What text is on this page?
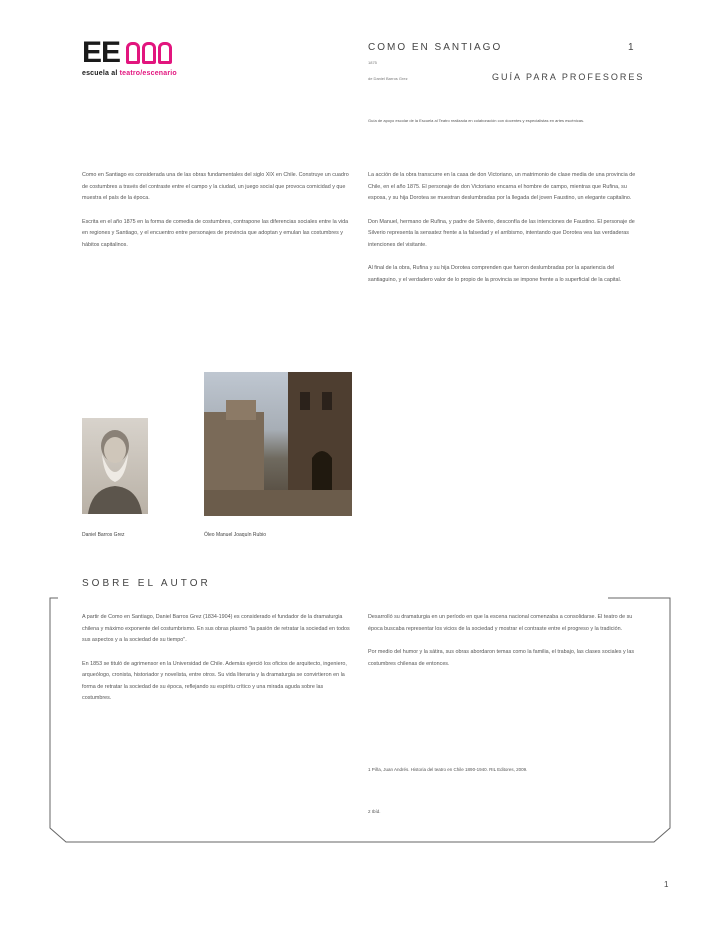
EE
escuela al teatro/escenario
COMO EN SANTIAGO	1
1875
de Daniel Barros Grez	GUÍA PARA PROFESORES
Guía de apoyo escolar de la Escuela al Teatro realizada en colaboración con docentes y especialistas en artes escénicas.

Como en Santiago es considerada una de las obras fundamentales del siglo XIX en Chile. Construye un cuadro de costumbres a través del contraste entre el campo y la ciudad, un juego social que provoca comicidad y que muestra el país de la época.

Escrita en el año 1875 en la forma de comedia de costumbres, contrapone las diferencias sociales entre la vida en regiones y Santiago, y el encuentro entre personajes de provincia que adoptan y emulan las costumbres y hábitos capitalinos.

La acción de la obra transcurre en la casa de don Victoriano, un matrimonio de clase media de una provincia de Chile, en el año 1875. El personaje de don Victoriano encarna el hombre de campo, mientras que Rufina, su esposa, y su hija Dorotea se muestran deslumbradas por la llegada del joven Faustino, un elegante capitalino.

Don Manuel, hermano de Rufina, y padre de Silverio, desconfía de las intenciones de Faustino. El personaje de Silverio representa la sensatez frente a la falsedad y el arribismo, intentando que Dorotea vea las verdaderas intenciones del visitante.

Al final de la obra, Rufina y su hija Dorotea comprenden que fueron deslumbradas por la apariencia del santiaguino, y el verdadero valor de lo propio de la provincia se impone frente a lo superficial de la capital.

Daniel Barros Grez	Óleo Manuel Joaquín Rubio
SOBRE EL AUTOR

A partir de Como en Santiago, Daniel Barros Grez (1834-1904) es considerado el fundador de la dramaturgia chilena y máximo exponente del costumbrismo. En sus obras plasmó "la pasión de retratar la sociedad en todos sus aspectos y a la sociedad de su tiempo".

En 1853 se tituló de agrimensor en la Universidad de Chile. Además ejerció los oficios de arquitecto, ingeniero, arqueólogo, cronista, historiador y novelista, entre otros. Su vida literaria y la dramaturgia se convirtieron en la forma de retratar la sociedad de su época, reflejando su espíritu crítico y una mirada aguda sobre las costumbres.

Desarrolló su dramaturgia en un período en que la escena nacional comenzaba a consolidarse. El teatro de su época buscaba representar los vicios de la sociedad y mostrar el contraste entre el progreso y la tradición.

Por medio del humor y la sátira, sus obras abordaron temas como la familia, el trabajo, las clases sociales y las costumbres chilenas de entonces.

1 Piña, Juan Andrés. Historia del teatro en Chile 1890-1940. RIL Editores, 2009.
2 Ibíd.
1
